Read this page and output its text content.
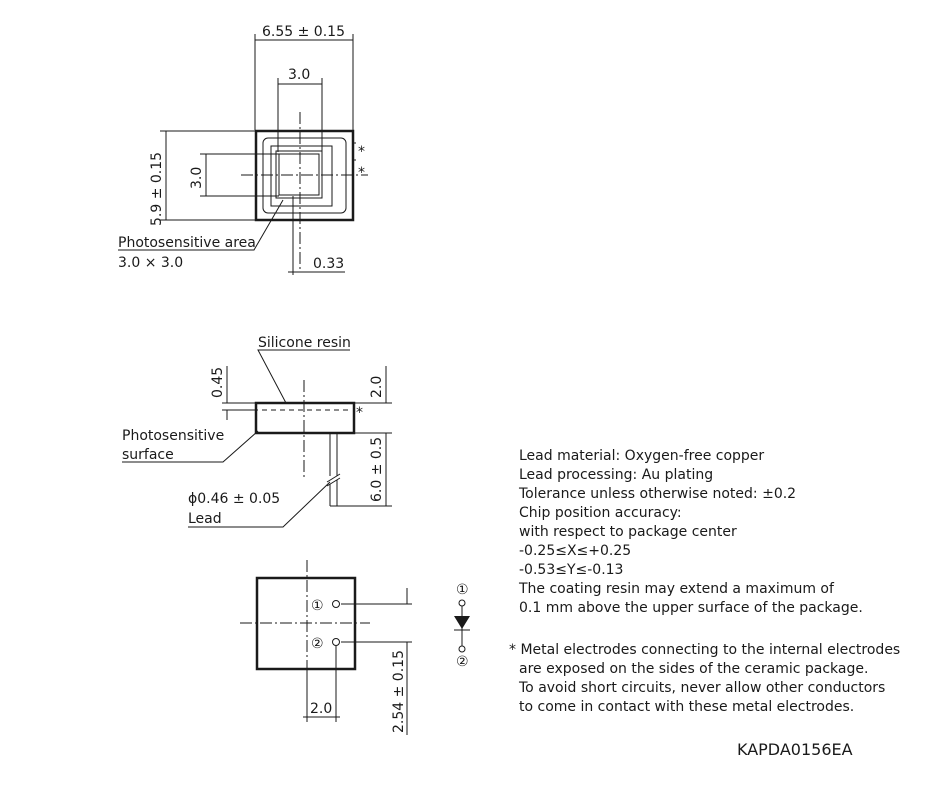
6.55 ± 0.15
3.0
*
*
5.9 ± 0.15 3.0
0.33
Photosensitive area
3.0 × 3.0
Silicone resin
0.45
*
2.0
6.0 ± 0.5
Photosensitive
surface
ϕ0.46 ± 0.05
Lead
①
②
2.54 ± 0.15
2.0
①
②
Lead material: Oxygen-free copper
Lead processing: Au plating
Tolerance unless otherwise noted: ±0.2
Chip position accuracy:
with respect to package center
-0.25≤X≤+0.25
-0.53≤Y≤-0.13
The coating resin may extend a maximum of
0.1 mm above the upper surface of the package.
* Metal electrodes connecting to the internal electrodes
are exposed on the sides of the ceramic package.
To avoid short circuits, never allow other conductors
to come in contact with these metal electrodes.
KAPDA0156EA
